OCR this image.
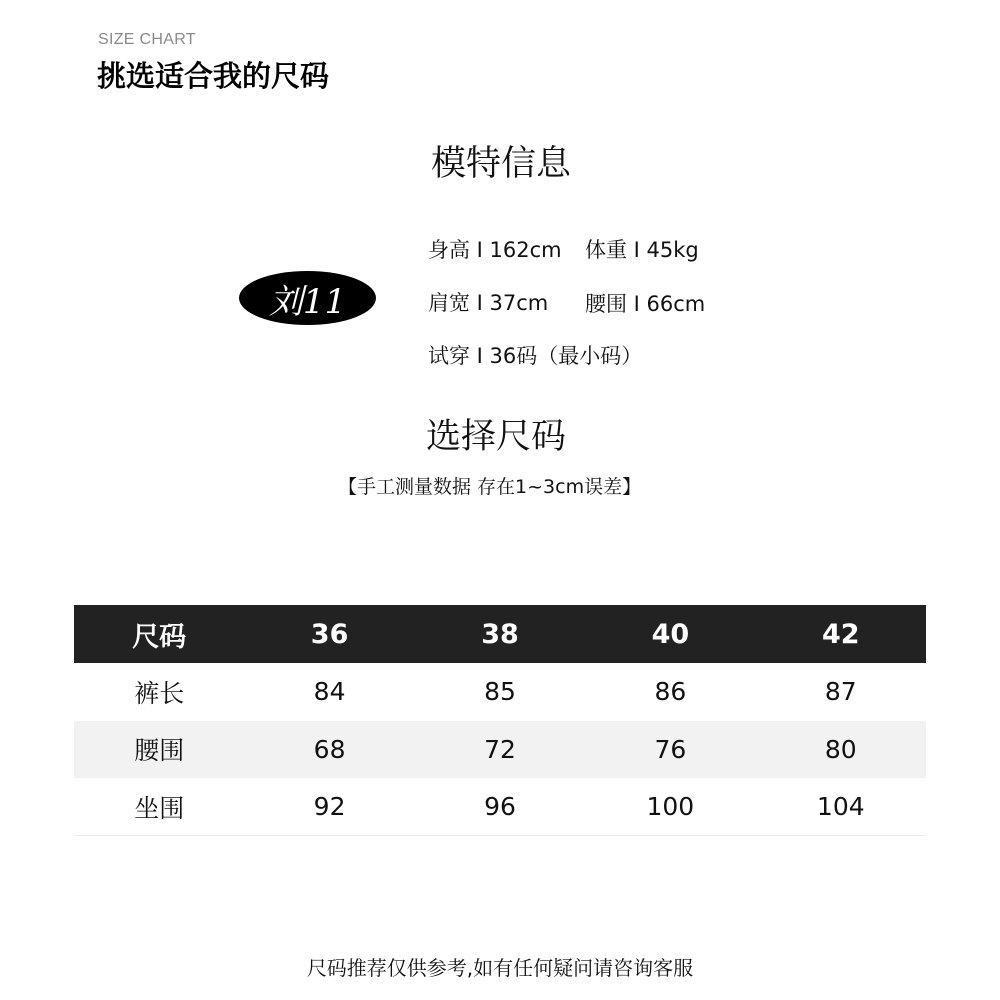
SIZE CHART
挑选适合我的尺码
模特信息
刘11
身高 I 162cm 体重 I 45kg
肩宽 I 37cm 腰围 I 66cm
试穿 I 36码（最小码）
选择尺码
【手工测量数据 存在1~3cm误差】
尺码	36	38	40	42
裤长	84	85	86	87
腰围	68	72	76	80
坐围	92	96	100	104
尺码推荐仅供参考,如有任何疑问请咨询客服
